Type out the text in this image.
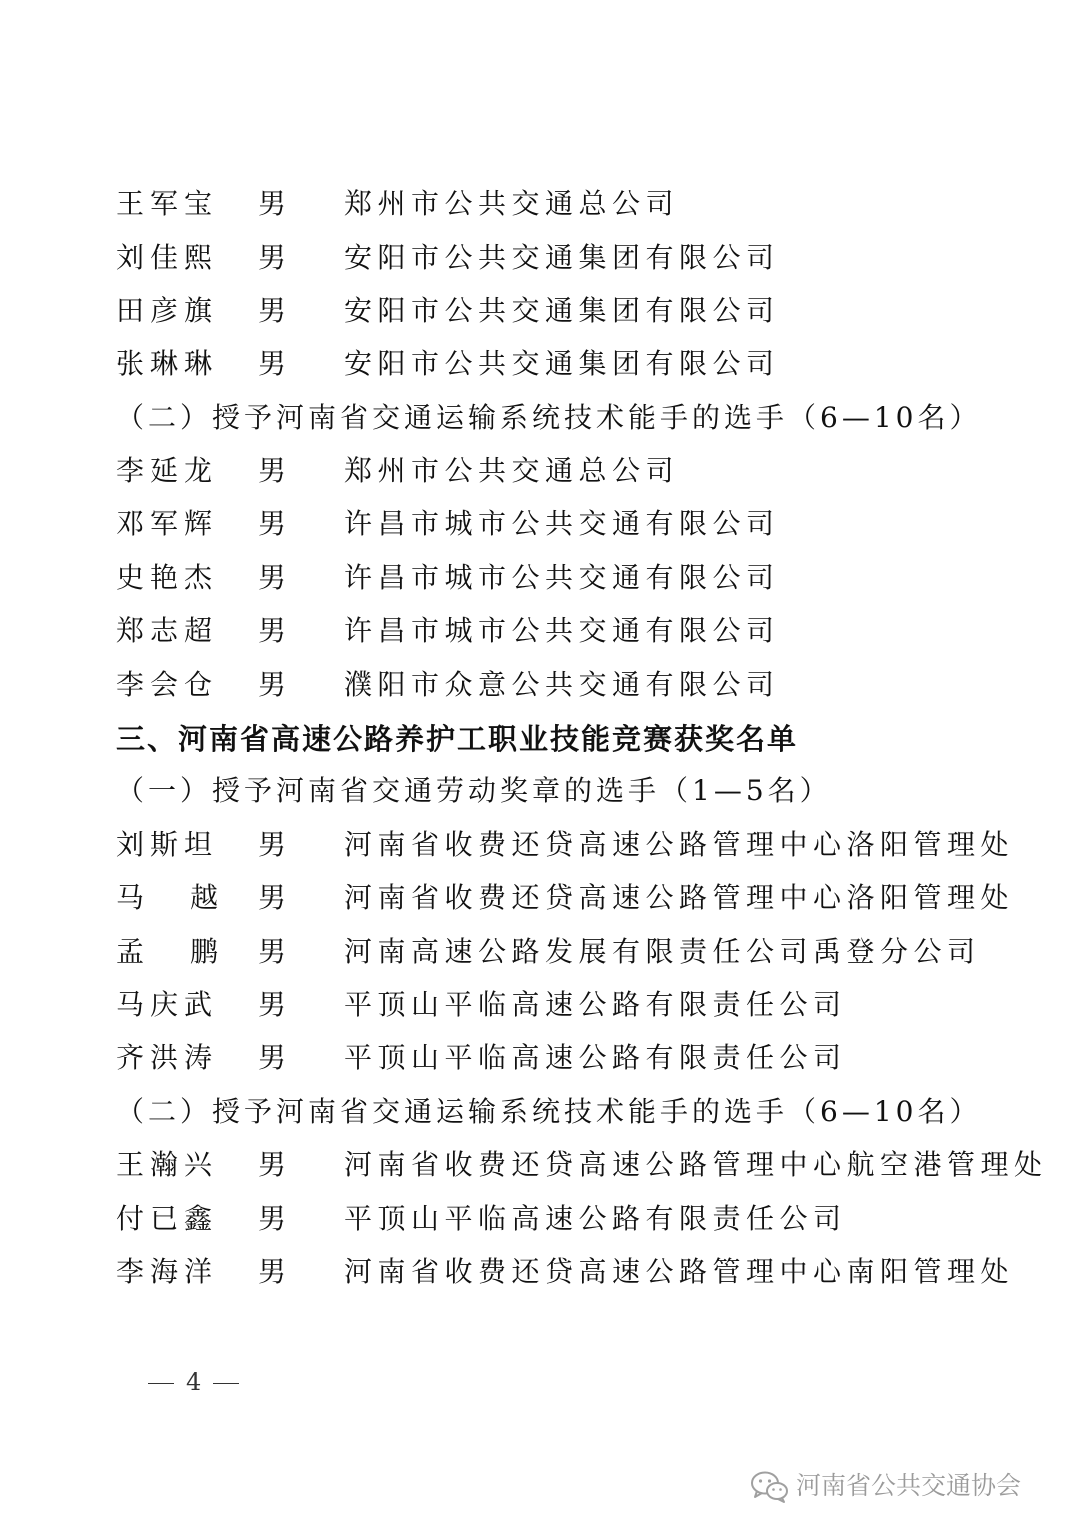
王军宝 男 郑州市公共交通总公司
刘佳熙 男 安阳市公共交通集团有限公司
田彦旗 男 安阳市公共交通集团有限公司
张琳琳 男 安阳市公共交通集团有限公司
（二）授予河南省交通运输系统技术能手的选手（6—10名）
李延龙 男 郑州市公共交通总公司
邓军辉 男 许昌市城市公共交通有限公司
史艳杰 男 许昌市城市公共交通有限公司
郑志超 男 许昌市城市公共交通有限公司
李会仓 男 濮阳市众意公共交通有限公司
三、河南省高速公路养护工职业技能竞赛获奖名单
（一）授予河南省交通劳动奖章的选手（1—5名）
刘斯坦 男 河南省收费还贷高速公路管理中心洛阳管理处
马越
男 河南省收费还贷高速公路管理中心洛阳管理处
孟鹏
男 河南高速公路发展有限责任公司禹登分公司
马庆武 男 平顶山平临高速公路有限责任公司
齐洪涛 男 平顶山平临高速公路有限责任公司
（二）授予河南省交通运输系统技术能手的选手（6—10名）
王瀚兴 男 河南省收费还贷高速公路管理中心航空港管理处
付已鑫 男 平顶山平临高速公路有限责任公司
李海洋 男 河南省收费还贷高速公路管理中心南阳管理处
4
河南省公共交通协会
